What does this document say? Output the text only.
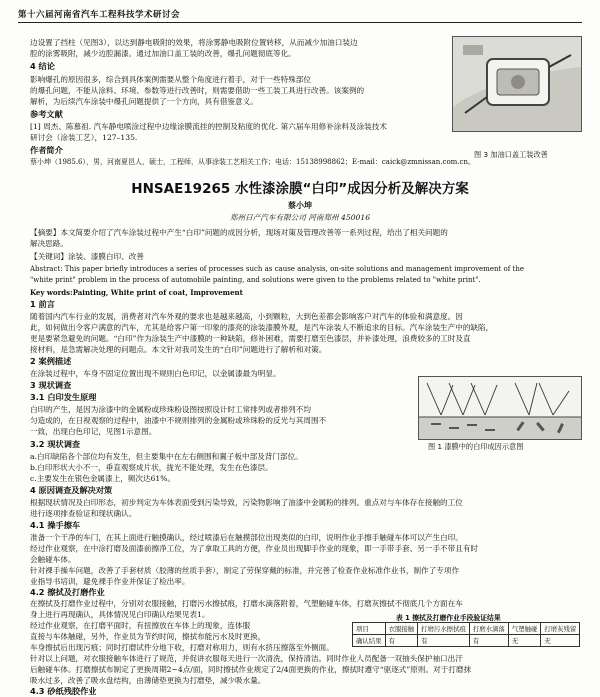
第十六届河南省汽车工程科技学术研讨会
图 3 加油口盖工装改善
边设置了挡柱（见图3），以达到静电吸附的效果，将涂雾静电吸附位置转移，从而减少加油口装边
腔的涂雾吸附，减少边腔漏漆。通过加油口盖工装的改善，爆孔问题彻底等化。
4 结论
影响爆孔的原因很多，综合到具体案例需要从整个角度进行着手，对于一些特殊部位
的爆孔问题，不能从涂料、环境、参数等进行改善时，则需要借助一些工装工具进行改善。该案例的
解析，为后续汽车涂装中爆孔问题提供了一个方向，具有借鉴意义。
参考文献
[1] 周杰、陈慕祖. 汽车静电喷涂过程中边缘涂膜流挂的控制及粘度的优化. 第六届车用修补涂料及涂装技术
研讨会（涂装工艺），127–135.
作者简介
蔡小坤（1985.6），男，河南夏邑人，硕士，工程师，从事涂装工艺相关工作；电话：15138998862；E-mail：caick@zmnissan.com.cn。
HNSAE19265 水性漆涂膜“白印”成因分析及解决方案
蔡小坤
郑州日产汽车有限公司 河南郑州 450016
【摘要】本文简要介绍了汽车涂装过程中产生“白印”问题的成因分析，现场对策及管理改善等一系列过程，给出了相关问题的
解决思路。
【关键词】涂装、漆膜白印、改善
Abstract: This paper briefly introduces a series of processes such as cause analysis, on-site solutions and management improvement of the
"white print" problem in the process of automobile painting, and solutions were given to the problems related to "white print".
Key words:Painting, White print of coat, Improvement
1 前言
随着国内汽车行业的发展，消费者对汽车外观的要求也是越来越高，小到颗粒，大到色差都会影响客户对汽车的体验和满意度。因
此，如何做出令客户满意的汽车，尤其是给客户第一印象的漆亮的涂装漆膜外观，是汽车涂装人不断追求的目标。汽车涂装生产中的缺陷，
更是要紧急避免的问题。“白印”作为涂装生产中漆膜的一种缺陷，修补困难，需要打磨至色漆层，并补漆处理，浪费较多的工时及直
接材料，是急需解决处理的问题点。本文针对我司发生的“白印”问题进行了解析和对策。
2 案例描述
在涂装过程中，车身不固定位置出现不规则白色印记，以金属漆最为明显。
3 现状调查
3.1 白印发生原理
白印的产生，是因为涂漆中的金属粉或珍珠粉设图按照设计时工常排列或者排列不均
匀造成的，在日视观察的过程中，油漆中不规则排列的金属粉或珍珠粉的反光与其周围不
一致，出现白色印记，见图1示意图。
图 1 漆膜中的白印成因示意图
3.2 现状调查
a.白印缺陷各个部位均有发生，但主要集中在左右侧围和翼子板中部及背门部位。
b.白印形状大小不一，垂直观察成片状，拢光不能处理，发生在色漆层。
c.主要发生在银色金属漆上，频次达61%。
4 原因调查及解决对策
根据现状情况及白印形态，初步判定为车体表面受到污染导致，污染物影响了油漆中金属粉的排列。重点对与车体存在接触的工位
进行逐项排查验证和现状确认。
4.1 操手擦车
准备一个干净的车门，在其上面进行触摸确认，经过喷漆后在触摸部位出现类似的白印，说明作业手擦手触碰车体可以产生白印。
经过作业观察，在中涂打磨及面漆前擦净工位，为了拿取工具的方便，作业员出现脚手作业的现象，即一手带手套、另一手不带且有时
会触碰车体。
针对裸手操车问题，改善了手套材质（胶薄的丝质手套），制定了劳保穿戴的标准，并完善了检查作业标准作业书，制作了专项作
业指导书培训，避免裸手作业并保证了检出率。
4.2 擦拭及打磨作业
在擦拭及打磨作业过程中，分别对衣服接触，打磨污水擦拭痕，打磨水滴落附着，气塑触碰车体，打磨灰擦拭不彻底几个方面在车
身上进行再现确认，具体情况见白印确认结果见表1。
经过作业观察，在打磨平面时，有扭擦放在车体上的现象，连体服
直接与车体触碰，另外，作业员为节约时间，擦拭布能污水及时更换，
车身擦拭后出现污痕；同时打磨试件分地下收，打磨对称用力，则有水挤压擦落至外侧面。
针对以上问题，对衣服接触车体进行了规范，并促讲衣服每天进行一次清洗，保持清洁。同时作业人员配备一双抽头保护袖口出汗
后触碰车体。打磨擦拭布制定了更换周期2~4点/面，同时擦拭作业规定了2/4面更换的作业，擦拭时遵守“驱逐式”原则。对于打磨抹
吸水过多，改善了吸水盘结构，由薄储垫更换为打磨垫，减少吸水量。
4.3 砂纸残胶作业
表 1 擦拭及打磨作业手段验证结果
项目	衣服接触	打磨污水擦拭痕	打磨水滴落	气塑触碰	打磨灰残留
确认结果	有	有	有	无	无
